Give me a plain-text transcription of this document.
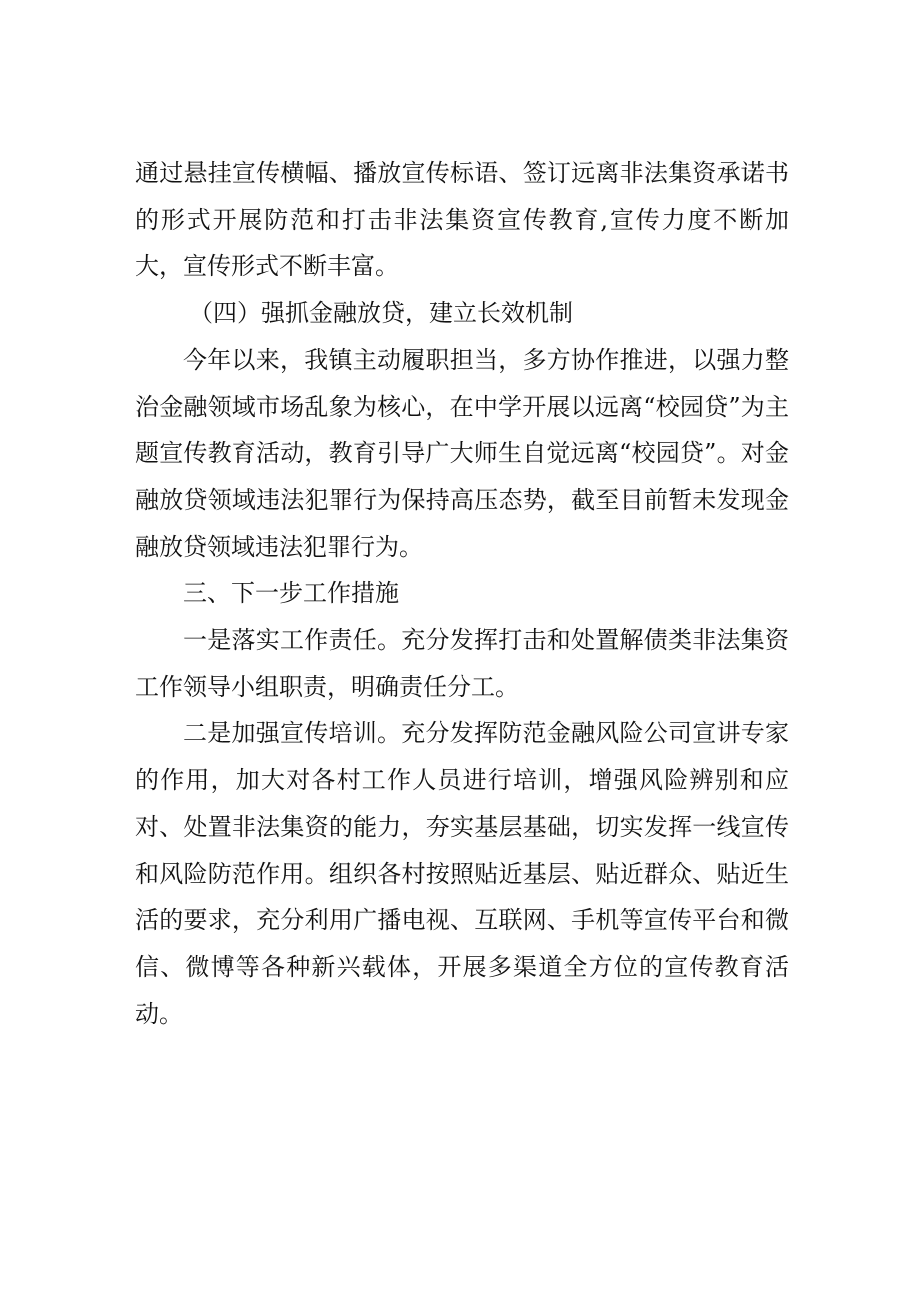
通过悬挂宣传横幅、播放宣传标语、签订远离非法集资承诺书的形式开展防范和打击非法集资宣传教育,宣传力度不断加大，宣传形式不断丰富。

（四）强抓金融放贷，建立长效机制

今年以来，我镇主动履职担当，多方协作推进，以强力整治金融领域市场乱象为核心，在中学开展以远离“校园贷”为主题宣传教育活动，教育引导广大师生自觉远离“校园贷”。对金融放贷领域违法犯罪行为保持高压态势，截至目前暂未发现金融放贷领域违法犯罪行为。

三、下一步工作措施

一是落实工作责任。充分发挥打击和处置解债类非法集资工作领导小组职责，明确责任分工。

二是加强宣传培训。充分发挥防范金融风险公司宣讲专家的作用，加大对各村工作人员进行培训，增强风险辨别和应对、处置非法集资的能力，夯实基层基础，切实发挥一线宣传和风险防范作用。组织各村按照贴近基层、贴近群众、贴近生活的要求，充分利用广播电视、互联网、手机等宣传平台和微信、微博等各种新兴载体，开展多渠道全方位的宣传教育活动。
